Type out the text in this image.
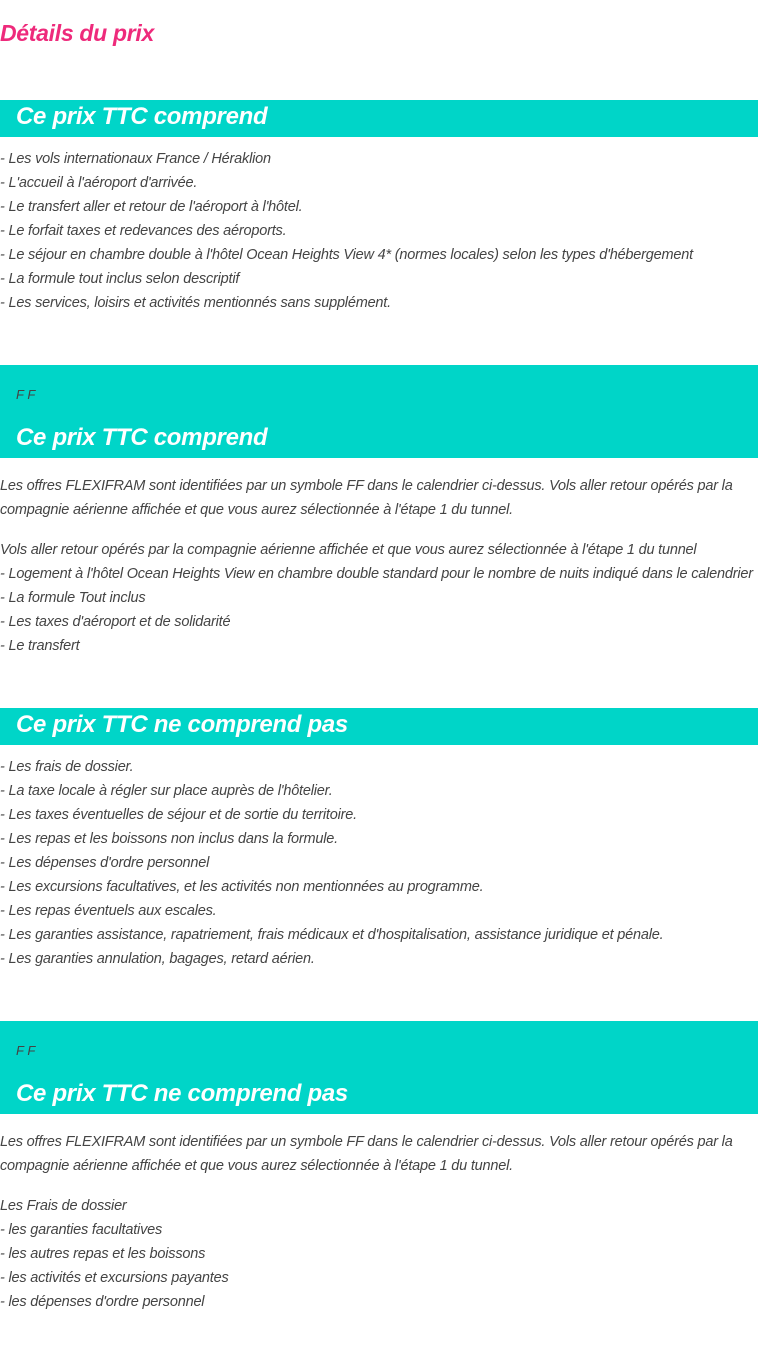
Détails du prix
Ce prix TTC comprend
- Les vols internationaux France / Héraklion
- L'accueil à l'aéroport d'arrivée.
- Le transfert aller et retour de l'aéroport à l'hôtel.
- Le forfait taxes et redevances des aéroports.
- Le séjour en chambre double à l'hôtel Ocean Heights View 4* (normes locales) selon les types d'hébergement
- La formule tout inclus selon descriptif
- Les services, loisirs et activités mentionnés sans supplément.
F F
Ce prix TTC comprend
Les offres FLEXIFRAM sont identifiées par un symbole FF dans le calendrier ci-dessus. Vols aller retour opérés par la compagnie aérienne affichée et que vous aurez sélectionnée à l'étape 1 du tunnel.
Vols aller retour opérés par la compagnie aérienne affichée et que vous aurez sélectionnée à l'étape 1 du tunnel
- Logement à l'hôtel Ocean Heights View en chambre double standard pour le nombre de nuits indiqué dans le calendrier
- La formule Tout inclus
- Les taxes d'aéroport et de solidarité
- Le transfert
Ce prix TTC ne comprend pas
- Les frais de dossier.
- La taxe locale à régler sur place auprès de l'hôtelier.
- Les taxes éventuelles de séjour et de sortie du territoire.
- Les repas et les boissons non inclus dans la formule.
- Les dépenses d'ordre personnel
- Les excursions facultatives, et les activités non mentionnées au programme.
- Les repas éventuels aux escales.
- Les garanties assistance, rapatriement, frais médicaux et d'hospitalisation, assistance juridique et pénale.
- Les garanties annulation, bagages, retard aérien.
F F
Ce prix TTC ne comprend pas
Les offres FLEXIFRAM sont identifiées par un symbole FF dans le calendrier ci-dessus. Vols aller retour opérés par la compagnie aérienne affichée et que vous aurez sélectionnée à l'étape 1 du tunnel.
Les Frais de dossier
- les garanties facultatives
- les autres repas et les boissons
- les activités et excursions payantes
- les dépenses d'ordre personnel
